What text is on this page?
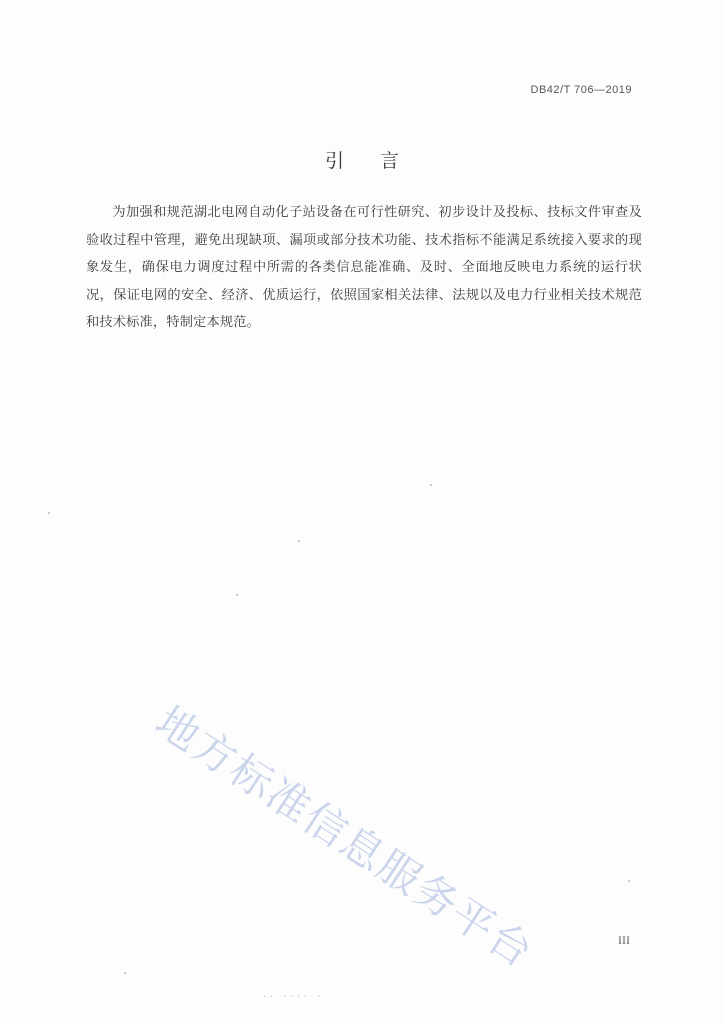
DB42/T 706—2019
引言
为加强和规范湖北电网自动化子站设备在可行性研究、初步设计及投标、技标文件审查及验收过程中管理，避免出现缺项、漏项或部分技术功能、技术指标不能满足系统接入要求的现象发生，确保电力调度过程中所需的各类信息能准确、及时、全面地反映电力系统的运行状况，保证电网的安全、经济、优质运行，依照国家相关法律、法规以及电力行业相关技术规范和技术标准，特制定本规范。
地方标准信息服务平台	III
·· ···· ·
